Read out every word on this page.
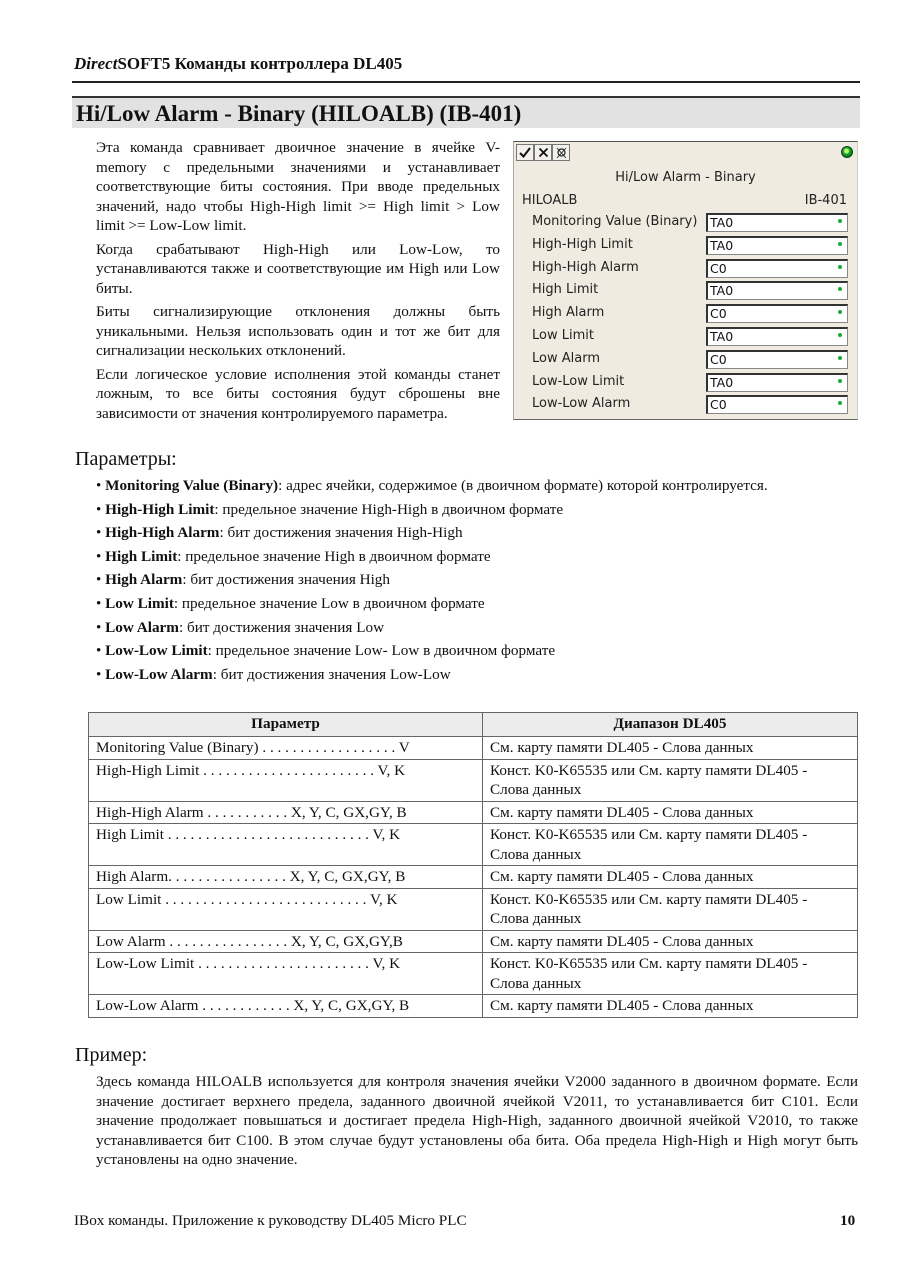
DirectSOFT5 Команды контроллера DL405
Hi/Low Alarm - Binary (HILOALB) (IB-401)

Эта команда сравнивает двоичное значение в ячейке V-memory с предельными значениями и устанавливает соответствующие биты состояния. При вводе предельных значений, надо чтобы High-High limit >= High limit > Low limit >= Low-Low limit.

Когда срабатывают High-High или Low-Low, то устанавливаются также и соответствующие им High или Low биты.

Биты сигнализирующие отклонения должны быть уникальными. Нельзя использовать один и тот же бит для сигнализации нескольких отклонений.

Если логическое условие исполнения этой команды станет ложным, то все биты состояния будут сброшены вне зависимости от значения контролируемого параметра.

Hi/Low Alarm - Binary
HILOALB	IB-401
Monitoring Value (Binary)	TA0
High-High Limit	TA0
High-High Alarm	C0
High Limit	TA0
High Alarm	C0
Low Limit	TA0
Low Alarm	C0
Low-Low Limit	TA0
Low-Low Alarm	C0
Параметры:
• Monitoring Value (Binary): адрес ячейки, содержимое (в двоичном формате) которой контролируется.
• High-High Limit: предельное значение High-High в двоичном формате
• High-High Alarm: бит достижения значения High-High
• High Limit: предельное значение High в двоичном формате
• High Alarm: бит достижения значения High
• Low Limit: предельное значение Low в двоичном формате
• Low Alarm: бит достижения значения Low
• Low-Low Limit: предельное значение Low- Low в двоичном формате
• Low-Low Alarm: бит достижения значения Low-Low
Параметр	Диапазон DL405
Monitoring Value (Binary) . . . . . . . . . . . . . . . . . . V	См. карту памяти DL405 - Слова данных
High-High Limit . . . . . . . . . . . . . . . . . . . . . . . V, K	Конст. K0-K65535 или См. карту памяти DL405 - Слова данных
High-High Alarm . . . . . . . . . . . X, Y, C, GX,GY, B	См. карту памяти DL405 - Слова данных
High Limit . . . . . . . . . . . . . . . . . . . . . . . . . . . V, K	Конст. K0-K65535 или См. карту памяти DL405 - Слова данных
High Alarm. . . . . . . . . . . . . . . . X, Y, C, GX,GY, B	См. карту памяти DL405 - Слова данных
Low Limit . . . . . . . . . . . . . . . . . . . . . . . . . . . V, K	Конст. K0-K65535 или См. карту памяти DL405 - Слова данных
Low Alarm . . . . . . . . . . . . . . . . X, Y, C, GX,GY,B	См. карту памяти DL405 - Слова данных
Low-Low Limit . . . . . . . . . . . . . . . . . . . . . . . V, K	Конст. K0-K65535 или См. карту памяти DL405 - Слова данных
Low-Low Alarm . . . . . . . . . . . . X, Y, C, GX,GY, B	См. карту памяти DL405 - Слова данных
Пример:
Здесь команда HILOALB используется для контроля значения ячейки V2000 заданного в двоичном формате. Если значение достигает верхнего предела, заданного двоичной ячейкой V2011, то устанавливается бит C101. Если значение продолжает повышаться и достигает предела High-High, заданного двоичной ячейкой V2010, то также устанавливается бит C100. В этом случае будут установлены оба бита. Оба предела High-High и High могут быть установлены на одно значение.
IBox команды. Приложение к руководству DL405 Micro PLC	10
